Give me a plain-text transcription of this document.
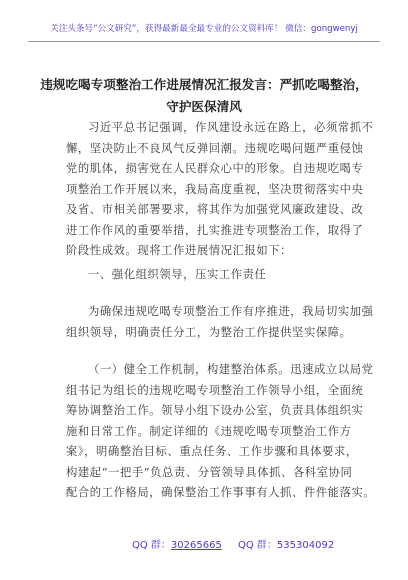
关注头条号“公文研究”，获得最新最全最专业的公文资料库！ 微信：gongwenyj
违规吃喝专项整治工作进展情况汇报发言：严抓吃喝整治，
守护医保清风
习近平总书记强调，作风建设永远在路上，必须常抓不
懈，坚决防止不良风气反弹回潮。违规吃喝问题严重侵蚀
党的肌体，损害党在人民群众心中的形象。自违规吃喝专
项整治工作开展以来，我局高度重视，坚决贯彻落实中央
及省、市相关部署要求，将其作为加强党风廉政建设、改
进工作作风的重要举措，扎实推进专项整治工作，取得了
阶段性成效。现将工作进展情况汇报如下：
一、强化组织领导，压实工作责任
为确保违规吃喝专项整治工作有序推进，我局切实加强
组织领导，明确责任分工，为整治工作提供坚实保障。
（一）健全工作机制，构建整治体系。迅速成立以局党
组书记为组长的违规吃喝专项整治工作领导小组，全面统
筹协调整治工作。领导小组下设办公室，负责具体组织实
施和日常工作。制定详细的《违规吃喝专项整治工作方
案》，明确整治目标、重点任务、工作步骤和具体要求，
构建起“一把手”负总责、分管领导具体抓、各科室协同
配合的工作格局，确保整治工作事事有人抓、件件能落实。
QQ 群：30265665 QQ 群：535304092
